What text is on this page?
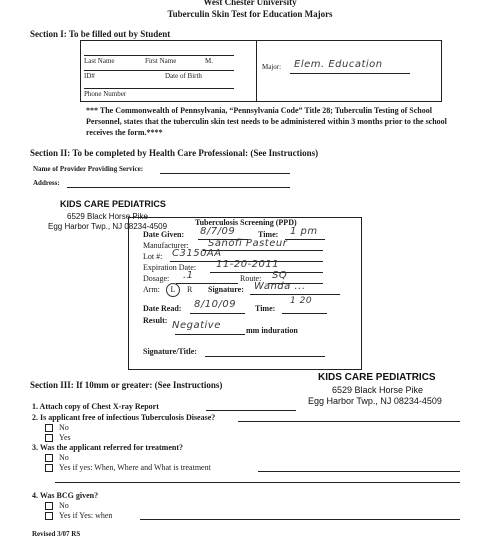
West Chester University
Tuberculin Skin Test for Education Majors
Section I: To be filled out by Student
Last Name	First Name	M.
ID#	Date of Birth
Phone Number
Major: Elem. Education
*** The Commonwealth of Pennsylvania, “Pennsylvania Code” Title 28; Tuberculin Testing of School Personnel, states that the tuberculin skin test needs to be administered within 3 months prior to the school receives the form.****
Section II: To be completed by Health Care Professional: (See Instructions)
Name of Provider Providing Service:
Address:
KIDS CARE PEDIATRICS
6529 Black Horse Pike
Egg Harbor Twp., NJ 08234-4509	Tuberculosis Screening (PPD)
Date Given: 8/7/09	Time: 1 pm
Manufacturer: Sanofi Pasteur
Lot #: C3150AA
Expiration Date: 11-20-2011
Dosage: .1	Route: SQ
Arm:	L	R Signature: Wanda ...
Date Read: 8/10/09 Time:
1 20
Result: Negative	mm induration
Signature/Title:
Section III: If 10mm or greater: (See Instructions)
KIDS CARE PEDIATRICS
6529 Black Horse Pike
Egg Harbor Twp., NJ 08234-4509
1. Attach copy of Chest X-ray Report
2. Is applicant free of infectious Tuberculosis Disease?
No
Yes
3. Was the applicant referred for treatment?
No
Yes if yes: When, Where and What is treatment
4. Was BCG given?
No
Yes if Yes: when
Revised 3/07 RS
